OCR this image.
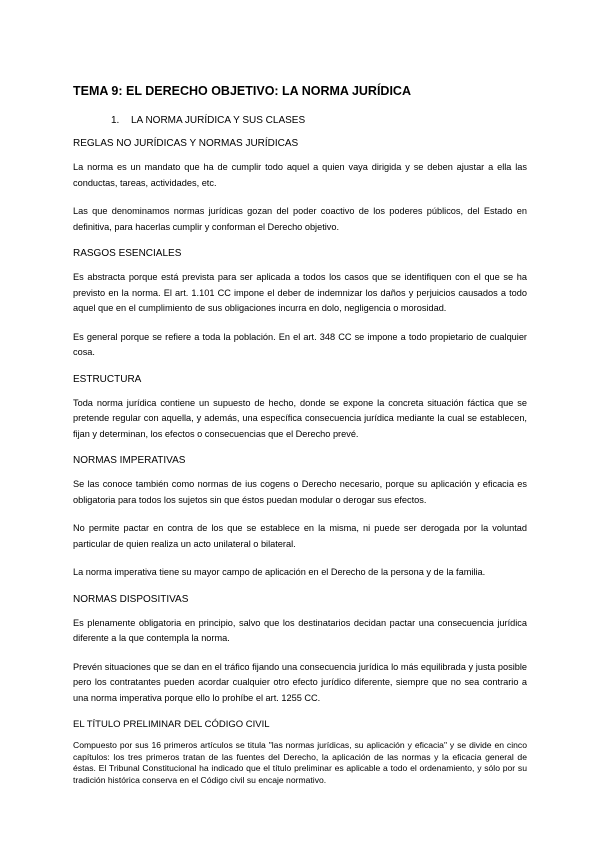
TEMA 9: EL DERECHO OBJETIVO: LA NORMA JURÍDICA
1. LA NORMA JURÍDICA Y SUS CLASES
REGLAS NO JURÍDICAS Y NORMAS JURÍDICAS

La norma es un mandato que ha de cumplir todo aquel a quien vaya dirigida y se deben ajustar a ella las conductas, tareas, actividades, etc.

Las que denominamos normas jurídicas gozan del poder coactivo de los poderes públicos, del Estado en definitiva, para hacerlas cumplir y conforman el Derecho objetivo.

RASGOS ESENCIALES

Es abstracta porque está prevista para ser aplicada a todos los casos que se identifiquen con el que se ha previsto en la norma. El art. 1.101 CC impone el deber de indemnizar los daños y perjuicios causados a todo aquel que en el cumplimiento de sus obligaciones incurra en dolo, negligencia o morosidad.

Es general porque se refiere a toda la población. En el art. 348 CC se impone a todo propietario de cualquier cosa.

ESTRUCTURA

Toda norma jurídica contiene un supuesto de hecho, donde se expone la concreta situación fáctica que se pretende regular con aquella, y además, una específica consecuencia jurídica mediante la cual se establecen, fijan y determinan, los efectos o consecuencias que el Derecho prevé.

NORMAS IMPERATIVAS

Se las conoce también como normas de ius cogens o Derecho necesario, porque su aplicación y eficacia es obligatoria para todos los sujetos sin que éstos puedan modular o derogar sus efectos.

No permite pactar en contra de los que se establece en la misma, ni puede ser derogada por la voluntad particular de quien realiza un acto unilateral o bilateral.

La norma imperativa tiene su mayor campo de aplicación en el Derecho de la persona y de la familia.

NORMAS DISPOSITIVAS

Es plenamente obligatoria en principio, salvo que los destinatarios decidan pactar una consecuencia jurídica diferente a la que contempla la norma.

Prevén situaciones que se dan en el tráfico fijando una consecuencia jurídica lo más equilibrada y justa posible pero los contratantes pueden acordar cualquier otro efecto jurídico diferente, siempre que no sea contrario a una norma imperativa porque ello lo prohíbe el art. 1255 CC.

EL TÍTULO PRELIMINAR DEL CÓDIGO CIVIL

Compuesto por sus 16 primeros artículos se titula "las normas jurídicas, su aplicación y eficacia" y se divide en cinco capítulos: los tres primeros tratan de las fuentes del Derecho, la aplicación de las normas y la eficacia general de éstas. El Tribunal Constitucional ha indicado que el título preliminar es aplicable a todo el ordenamiento, y sólo por su tradición histórica conserva en el Código civil su encaje normativo.
